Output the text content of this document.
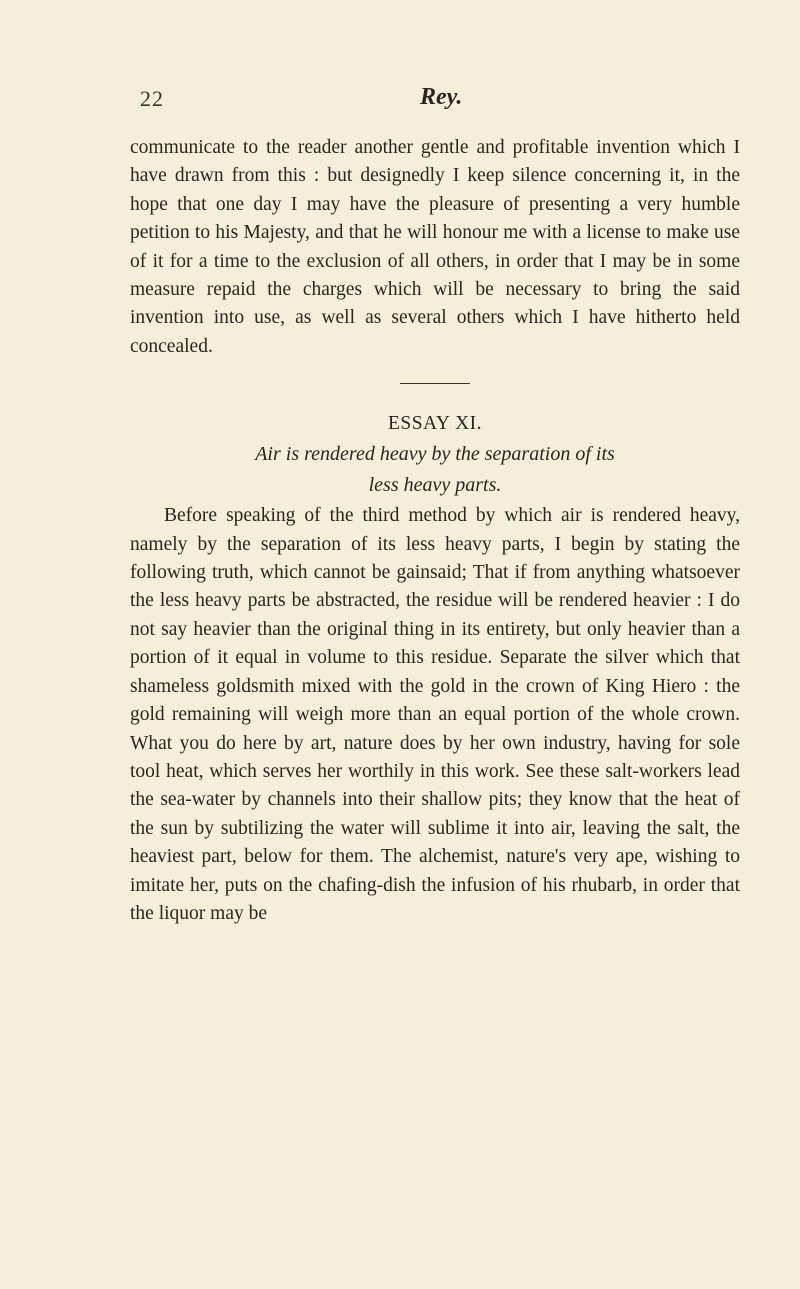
22	Rey.

communicate to the reader another gentle and profitable invention which I have drawn from this : but designedly I keep silence concerning it, in the hope that one day I may have the pleasure of presenting a very humble petition to his Majesty, and that he will honour me with a license to make use of it for a time to the exclusion of all others, in order that I may be in some measure repaid the charges which will be necessary to bring the said invention into use, as well as several others which I have hitherto held concealed.

ESSAY XI.
Air is rendered heavy by the separation of its
less heavy parts.

Before speaking of the third method by which air is rendered heavy, namely by the separation of its less heavy parts, I begin by stating the following truth, which cannot be gainsaid; That if from anything whatsoever the less heavy parts be abstracted, the residue will be rendered heavier : I do not say heavier than the original thing in its entirety, but only heavier than a portion of it equal in volume to this residue. Separate the silver which that shameless goldsmith mixed with the gold in the crown of King Hiero : the gold remaining will weigh more than an equal portion of the whole crown. What you do here by art, nature does by her own industry, having for sole tool heat, which serves her worthily in this work. See these salt-workers lead the sea-water by channels into their shallow pits; they know that the heat of the sun by subtilizing the water will sublime it into air, leaving the salt, the heaviest part, below for them. The alchemist, nature's very ape, wishing to imitate her, puts on the chafing-dish the infusion of his rhubarb, in order that the liquor may be
